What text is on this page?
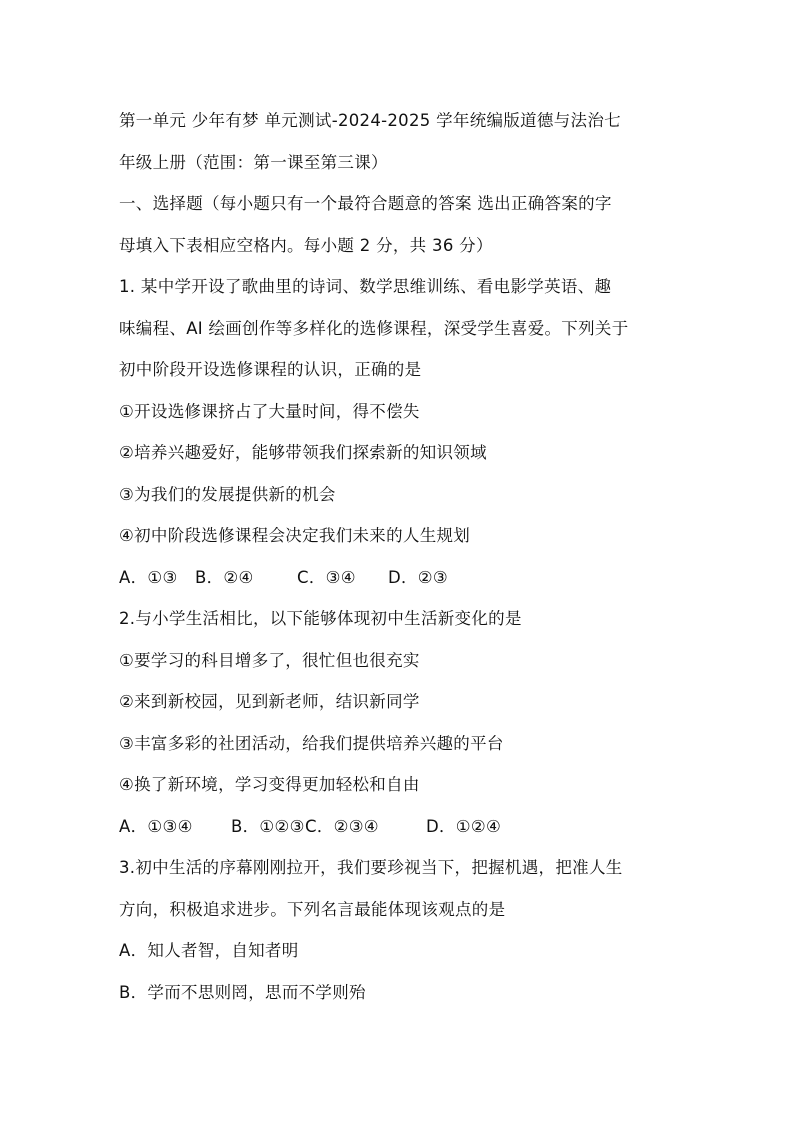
第一单元 少年有梦 单元测试-2024-2025 学年统编版道德与法治七
年级上册（范围：第一课至第三课）
一、选择题（每小题只有一个最符合题意的答案 选出正确答案的字
母填入下表相应空格内。每小题 2 分，共 36 分）
1. 某中学开设了歌曲里的诗词、数学思维训练、看电影学英语、趣
味编程、AI 绘画创作等多样化的选修课程，深受学生喜爱。下列关于
初中阶段开设选修课程的认识，正确的是
①开设选修课挤占了大量时间，得不偿失
②培养兴趣爱好，能够带领我们探索新的知识领域
③为我们的发展提供新的机会
④初中阶段选修课程会决定我们未来的人生规划
A．①③ B．②④	C．③④ D．②③
2.与小学生活相比，以下能够体现初中生活新变化的是
①要学习的科目增多了，很忙但也很充实
②来到新校园，见到新老师，结识新同学
③丰富多彩的社团活动，给我们提供培养兴趣的平台
④换了新环境，学习变得更加轻松和自由
A．①③④ B．①②③C．②③④	D．①②④
3.初中生活的序幕刚刚拉开，我们要珍视当下，把握机遇，把准人生
方向，积极追求进步。下列名言最能体现该观点的是
A．知人者智，自知者明
B．学而不思则罔，思而不学则殆
